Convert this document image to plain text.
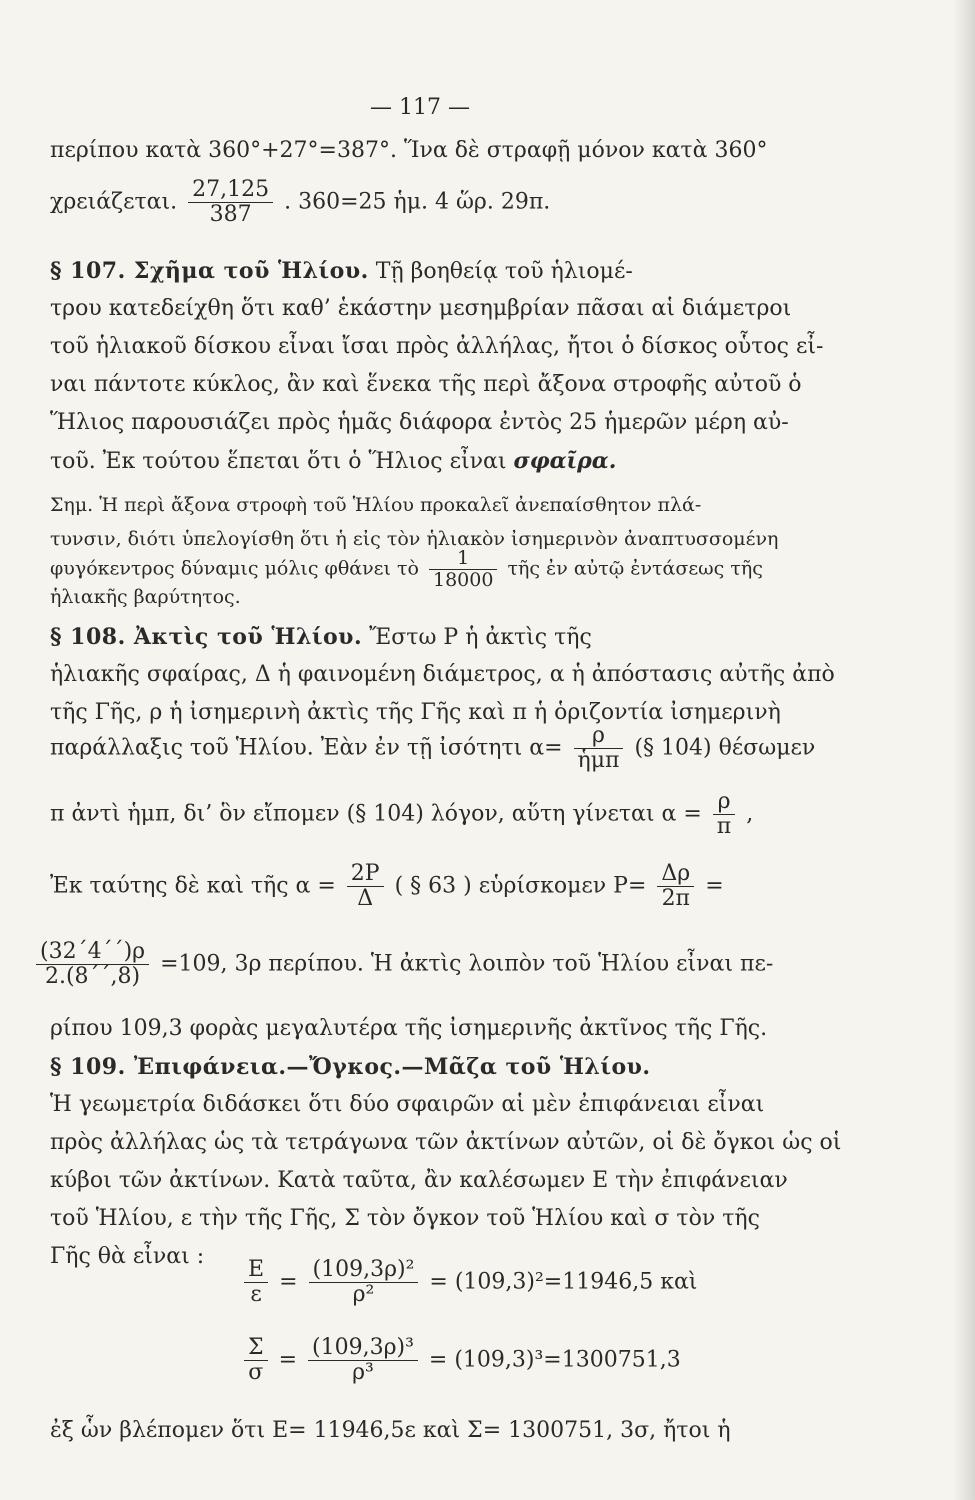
— 117 —
περίπου κατὰ 360°+27°=387°. Ἵνα δὲ στραφῇ μόνον κατὰ 360°
χρειάζεται. $\frac{27,125}{387}$ . 360=25 ἡμ. 4 ὥρ. 29π.
§ 107. Σχῆμα τοῦ Ἡλίου. Τῇ βοηθείᾳ τοῦ ἡλιομέ-
τρου κατεδείχθη ὅτι καθ’ ἑκάστην μεσημβρίαν πᾶσαι αἱ διάμετροι
τοῦ ἡλιακοῦ δίσκου εἶναι ἴσαι πρὸς ἀλλήλας, ἤτοι ὁ δίσκος οὗτος εἶ-
ναι πάντοτε κύκλος, ἂν καὶ ἕνεκα τῆς περὶ ἄξονα στροφῆς αὐτοῦ ὁ
Ἥλιος παρουσιάζει πρὸς ἡμᾶς διάφορα ἐντὸς 25 ἡμερῶν μέρη αὐ-
τοῦ. Ἐκ τούτου ἕπεται ὅτι ὁ Ἥλιος εἶναι σφαῖρα.
Σημ. Ἡ περὶ ἄξονα στροφὴ τοῦ Ἡλίου προκαλεῖ ἀνεπαίσθητον πλά-
τυνσιν, διότι ὑπελογίσθη ὅτι ἡ εἰς τὸν ἡλιακὸν ἰσημερινὸν ἀναπτυσσομένη
φυγόκεντρος δύναμις μόλις φθάνει τὸ $\frac{1}{18000}$ τῆς ἐν αὐτῷ ἐντάσεως τῆς
ἡλιακῆς βαρύτητος.
§ 108. Ἀκτὶς τοῦ Ἡλίου. Ἔστω Ρ ἡ ἀκτὶς τῆς
ἡλιακῆς σφαίρας, Δ ἡ φαινομένη διάμετρος, α ἡ ἀπόστασις αὐτῆς ἀπὸ
τῆς Γῆς, ρ ἡ ἰσημερινὴ ἀκτὶς τῆς Γῆς καὶ π ἡ ὁριζοντία ἰσημερινὴ
παράλλαξις τοῦ Ἡλίου. Ἐὰν ἐν τῇ ἰσότητι $\alpha= \frac{\rho}{\text{ἡμπ}}$ (§ 104) θέσωμεν
π ἀντὶ ἡμπ, δι’ ὃν εἴπομεν (§ 104) λόγον, αὕτη γίνεται $\alpha = \frac{\rho}{\pi}$ ,
Ἐκ ταύτης δὲ καὶ τῆς $\alpha = \frac{2P}{\Delta}$ ( § 63 ) εὑρίσκομεν $P= \frac{\Delta\rho}{2\pi}$ =
$\frac{(32΄4΄΄)\rho}{2.(8΄΄,8)} =109$, 3ρ περίπου. Ἡ ἀκτὶς λοιπὸν τοῦ Ἡλίου εἶναι πε-
ρίπου 109,3 φορὰς μεγαλυτέρα τῆς ἰσημερινῆς ἀκτῖνος τῆς Γῆς.
§ 109. Ἐπιφάνεια.—Ὄγκος.—Μᾶζα τοῦ Ἡλίου.
Ἡ γεωμετρία διδάσκει ὅτι δύο σφαιρῶν αἱ μὲν ἐπιφάνειαι εἶναι
πρὸς ἀλλήλας ὡς τὰ τετράγωνα τῶν ἀκτίνων αὐτῶν, οἱ δὲ ὄγκοι ὡς οἱ
κύβοι τῶν ἀκτίνων. Κατὰ ταῦτα, ἂν καλέσωμεν Ε τὴν ἐπιφάνειαν
τοῦ Ἡλίου, ε τὴν τῆς Γῆς, Σ τὸν ὄγκον τοῦ Ἡλίου καὶ σ τὸν τῆς
Γῆς θὰ εἶναι :
$\frac{E}{\varepsilon} = \frac{\text{(109,3ρ)²}}{\text{ρ²}} = (109,3)^2=11946,5$ καὶ
$\frac{\Sigma}{\sigma} = \frac{\text{(109,3ρ)³}}{\text{ρ³}} = (109,3)^3=1300751,3$
ἐξ ὧν βλέπομεν ὅτι Ε= 11946,5ε καὶ Σ= 1300751, 3σ, ἤτοι ἡ
